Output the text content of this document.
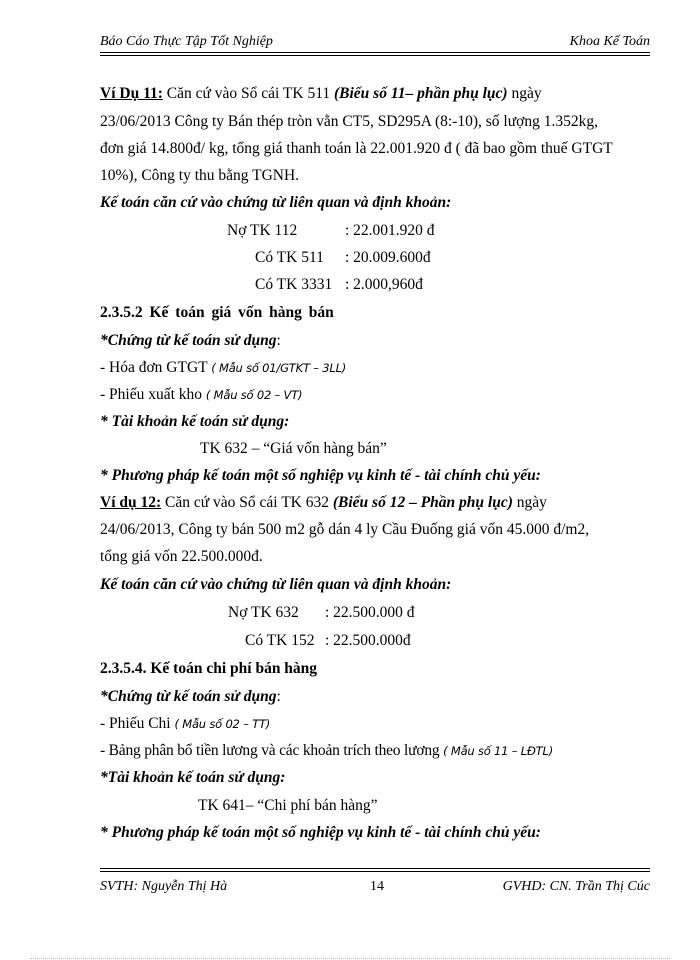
Báo Cáo Thực Tập Tốt Nghiệp	Khoa Kế Toán
Ví Dụ 11: Căn cứ vào Sổ cái TK 511 (Biểu số 11– phần phụ lục) ngày
23/06/2013 Công ty Bán thép tròn vằn CT5, SD295A (8:-10), số lượng 1.352kg,
đơn giá 14.800đ/ kg, tổng giá thanh toán là 22.001.920 đ ( đã bao gồm thuế GTGT
10%), Công ty thu bằng TGNH.
Kế toán căn cứ vào chứng từ liên quan và định khoản:
Nợ TK 112	: 22.001.920 đ
Có TK 511 : 20.009.600đ
Có TK 3331 : 2.000,960đ
2.3.5.2 Kế toán giá vốn hàng bán
*Chứng từ kế toán sử dụng:
- Hóa đơn GTGT ( Mẫu số 01/GTKT – 3LL)
- Phiếu xuất kho ( Mẫu số 02 – VT)
* Tài khoản kế toán sử dụng:
TK 632 – “Giá vốn hàng bán”
* Phương pháp kế toán một số nghiệp vụ kinh tế - tài chính chủ yếu:
Ví dụ 12: Căn cứ vào Sổ cái TK 632 (Biểu số 12 – Phần phụ lục) ngày
24/06/2013, Công ty bán 500 m2 gỗ dán 4 ly Cầu Đuống giá vốn 45.000 đ/m2,
tổng giá vốn 22.500.000đ.
Kế toán căn cứ vào chứng từ liên quan và định khoản:
Nợ TK 632 : 22.500.000 đ
Có TK 152 : 22.500.000đ
2.3.5.4. Kế toán chi phí bán hàng
*Chứng từ kế toán sử dụng:
- Phiếu Chi ( Mẫu số 02 – TT)
- Bảng phân bổ tiền lương và các khoản trích theo lương ( Mẫu số 11 – LĐTL)
*Tài khoản kế toán sử dụng:
TK 641– “Chi phí bán hàng”
* Phương pháp kế toán một số nghiệp vụ kinh tế - tài chính chủ yếu:
SVTH: Nguyễn Thị Hà	14	GVHD: CN. Trần Thị Cúc
